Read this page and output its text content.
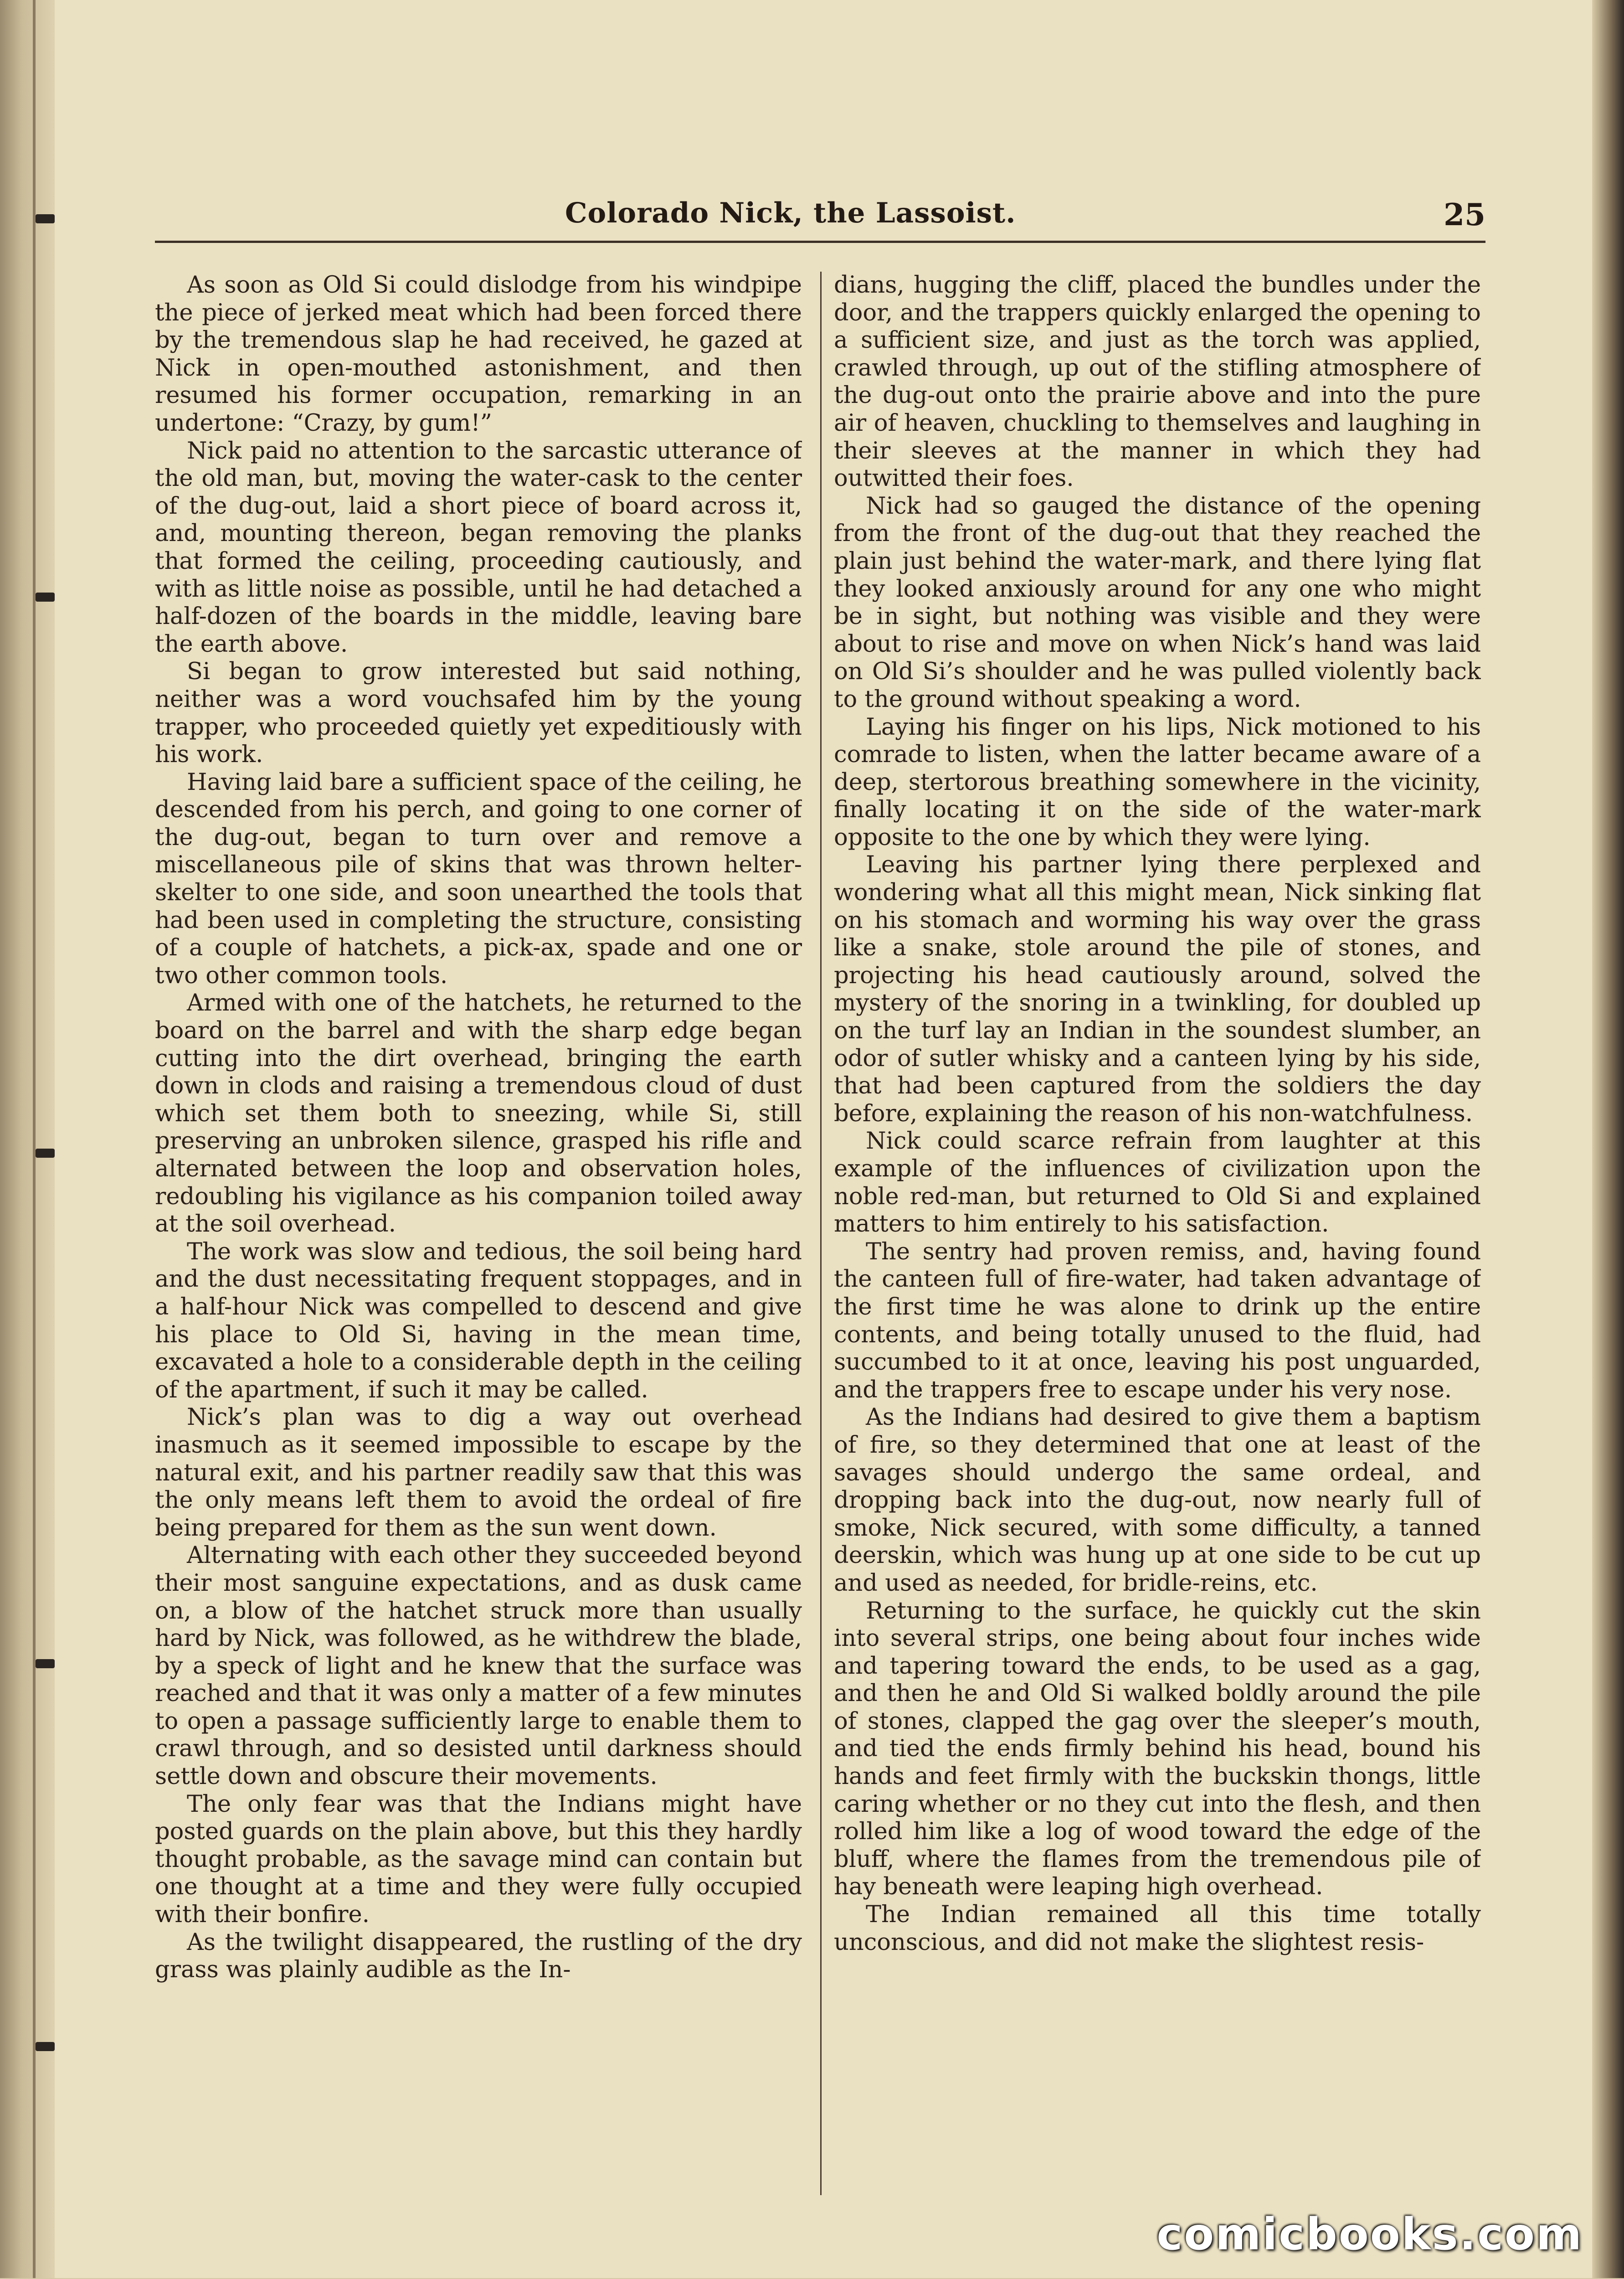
Colorado Nick, the Lassoist.	25

As soon as Old Si could dislodge from his windpipe the piece of jerked meat which had been forced there by the tremendous slap he had received, he gazed at Nick in open-mouthed astonishment, and then resumed his former occupation, remarking in an undertone: “Crazy, by gum!”

Nick paid no attention to the sarcastic utterance of the old man, but, moving the water-cask to the center of the dug-out, laid a short piece of board across it, and, mounting thereon, began removing the planks that formed the ceiling, proceeding cautiously, and with as little noise as possible, until he had detached a half-dozen of the boards in the middle, leaving bare the earth above.

Si began to grow interested but said nothing, neither was a word vouchsafed him by the young trapper, who proceeded quietly yet expeditiously with his work.

Having laid bare a sufficient space of the ceiling, he descended from his perch, and going to one corner of the dug-out, began to turn over and remove a miscellaneous pile of skins that was thrown helter-skelter to one side, and soon unearthed the tools that had been used in completing the structure, consisting of a couple of hatchets, a pick-ax, spade and one or two other common tools.

Armed with one of the hatchets, he returned to the board on the barrel and with the sharp edge began cutting into the dirt overhead, bringing the earth down in clods and raising a tremendous cloud of dust which set them both to sneezing, while Si, still preserving an unbroken silence, grasped his rifle and alternated between the loop and observation holes, redoubling his vigilance as his companion toiled away at the soil overhead.

The work was slow and tedious, the soil being hard and the dust necessitating frequent stoppages, and in a half-hour Nick was compelled to descend and give his place to Old Si, having in the mean time, excavated a hole to a considerable depth in the ceiling of the apartment, if such it may be called.

Nick’s plan was to dig a way out overhead inasmuch as it seemed impossible to escape by the natural exit, and his partner readily saw that this was the only means left them to avoid the ordeal of fire being prepared for them as the sun went down.

Alternating with each other they succeeded beyond their most sanguine expectations, and as dusk came on, a blow of the hatchet struck more than usually hard by Nick, was followed, as he withdrew the blade, by a speck of light and he knew that the surface was reached and that it was only a matter of a few minutes to open a passage sufficiently large to enable them to crawl through, and so desisted until darkness should settle down and obscure their movements.

The only fear was that the Indians might have posted guards on the plain above, but this they hardly thought probable, as the savage mind can contain but one thought at a time and they were fully occupied with their bonfire.

As the twilight disappeared, the rustling of the dry grass was plainly audible as the In-

dians, hugging the cliff, placed the bundles under the door, and the trappers quickly enlarged the opening to a sufficient size, and just as the torch was applied, crawled through, up out of the stifling atmosphere of the dug-out onto the prairie above and into the pure air of heaven, chuckling to themselves and laughing in their sleeves at the manner in which they had outwitted their foes.

Nick had so gauged the distance of the opening from the front of the dug-out that they reached the plain just behind the water-mark, and there lying flat they looked anxiously around for any one who might be in sight, but nothing was visible and they were about to rise and move on when Nick’s hand was laid on Old Si’s shoulder and he was pulled violently back to the ground without speaking a word.

Laying his finger on his lips, Nick motioned to his comrade to listen, when the latter became aware of a deep, stertorous breathing somewhere in the vicinity, finally locating it on the side of the water-mark opposite to the one by which they were lying.

Leaving his partner lying there perplexed and wondering what all this might mean, Nick sinking flat on his stomach and worming his way over the grass like a snake, stole around the pile of stones, and projecting his head cautiously around, solved the mystery of the snoring in a twinkling, for doubled up on the turf lay an Indian in the soundest slumber, an odor of sutler whisky and a canteen lying by his side, that had been captured from the soldiers the day before, explaining the reason of his non-watchfulness.

Nick could scarce refrain from laughter at this example of the influences of civilization upon the noble red-man, but returned to Old Si and explained matters to him entirely to his satisfaction.

The sentry had proven remiss, and, having found the canteen full of fire-water, had taken advantage of the first time he was alone to drink up the entire contents, and being totally unused to the fluid, had succumbed to it at once, leaving his post unguarded, and the trappers free to escape under his very nose.

As the Indians had desired to give them a baptism of fire, so they determined that one at least of the savages should undergo the same ordeal, and dropping back into the dug-out, now nearly full of smoke, Nick secured, with some difficulty, a tanned deerskin, which was hung up at one side to be cut up and used as needed, for bridle-reins, etc.

Returning to the surface, he quickly cut the skin into several strips, one being about four inches wide and tapering toward the ends, to be used as a gag, and then he and Old Si walked boldly around the pile of stones, clapped the gag over the sleeper’s mouth, and tied the ends firmly behind his head, bound his hands and feet firmly with the buckskin thongs, little caring whether or no they cut into the flesh, and then rolled him like a log of wood toward the edge of the bluff, where the flames from the tremendous pile of hay beneath were leaping high overhead.

The Indian remained all this time totally unconscious, and did not make the slightest resis-

comicbooks.com
